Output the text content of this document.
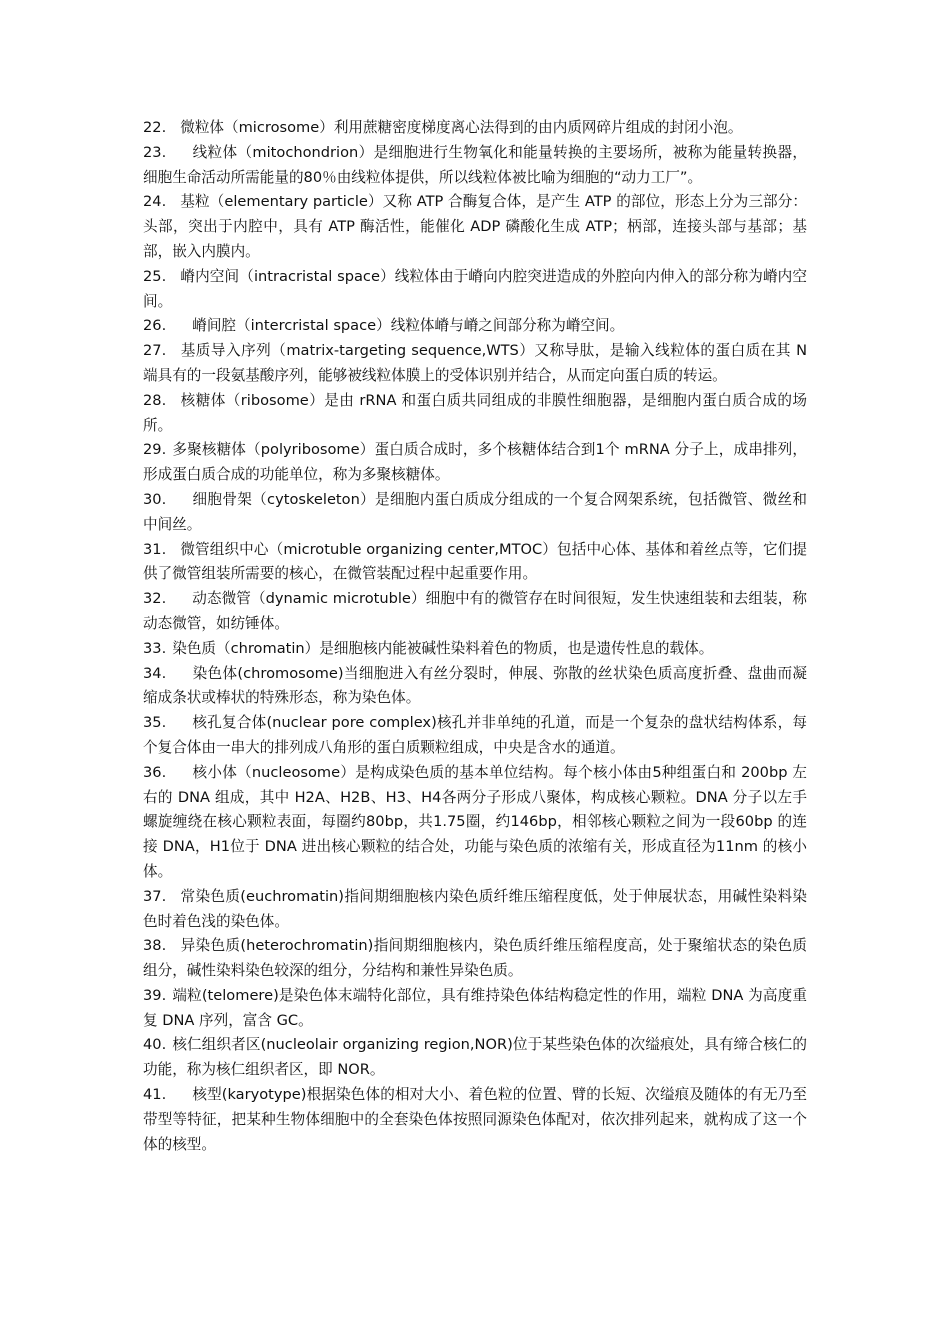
22. 微粒体（microsome）利用蔗糖密度梯度离心法得到的由内质网碎片组成的封闭小泡。

23. 线粒体（mitochondrion）是细胞进行生物氧化和能量转换的主要场所，被称为能量转换器，细胞生命活动所需能量的80％由线粒体提供，所以线粒体被比喻为细胞的“动力工厂”。

24. 基粒（elementary particle）又称 ATP 合酶复合体，是产生 ATP 的部位，形态上分为三部分：头部，突出于内腔中，具有 ATP 酶活性，能催化 ADP 磷酸化生成 ATP；柄部，连接头部与基部；基部，嵌入内膜内。

25. 嵴内空间（intracristal space）线粒体由于嵴向内腔突进造成的外腔向内伸入的部分称为嵴内空间。

26. 嵴间腔（intercristal space）线粒体嵴与嵴之间部分称为嵴空间。

27. 基质导入序列（matrix-targeting sequence,WTS）又称导肽，是输入线粒体的蛋白质在其 N 端具有的一段氨基酸序列，能够被线粒体膜上的受体识别并结合，从而定向蛋白质的转运。

28. 核糖体（ribosome）是由 rRNA 和蛋白质共同组成的非膜性细胞器，是细胞内蛋白质合成的场所。

29. 多聚核糖体（polyribosome）蛋白质合成时，多个核糖体结合到1个 mRNA 分子上，成串排列，形成蛋白质合成的功能单位，称为多聚核糖体。

30. 细胞骨架（cytoskeleton）是细胞内蛋白质成分组成的一个复合网架系统，包括微管、微丝和中间丝。

31. 微管组织中心（microtuble organizing center,MTOC）包括中心体、基体和着丝点等，它们提供了微管组装所需要的核心，在微管装配过程中起重要作用。

32. 动态微管（dynamic microtuble）细胞中有的微管存在时间很短，发生快速组装和去组装，称动态微管，如纺锤体。

33. 染色质（chromatin）是细胞核内能被碱性染料着色的物质，也是遗传性息的载体。

34. 染色体(chromosome)当细胞进入有丝分裂时，伸展、弥散的丝状染色质高度折叠、盘曲而凝缩成条状或棒状的特殊形态，称为染色体。

35. 核孔复合体(nuclear pore complex)核孔并非单纯的孔道，而是一个复杂的盘状结构体系，每个复合体由一串大的排列成八角形的蛋白质颗粒组成，中央是含水的通道。

36. 核小体（nucleosome）是构成染色质的基本单位结构。每个核小体由5种组蛋白和 200bp 左右的 DNA 组成，其中 H2A、H2B、H3、H4各两分子形成八聚体，构成核心颗粒。DNA 分子以左手螺旋缠绕在核心颗粒表面，每圈约80bp，共1.75圈，约146bp，相邻核心颗粒之间为一段60bp 的连接 DNA，H1位于 DNA 进出核心颗粒的结合处，功能与染色质的浓缩有关，形成直径为11nm 的核小体。

37. 常染色质(euchromatin)指间期细胞核内染色质纤维压缩程度低，处于伸展状态，用碱性染料染色时着色浅的染色体。

38. 异染色质(heterochromatin)指间期细胞核内，染色质纤维压缩程度高，处于聚缩状态的染色质组分，碱性染料染色较深的组分，分结构和兼性异染色质。

39. 端粒(telomere)是染色体末端特化部位，具有维持染色体结构稳定性的作用，端粒 DNA 为高度重复 DNA 序列，富含 GC。

40. 核仁组织者区(nucleolair organizing region,NOR)位于某些染色体的次缢痕处，具有缔合核仁的功能，称为核仁组织者区，即 NOR。

41. 核型(karyotype)根据染色体的相对大小、着色粒的位置、臂的长短、次缢痕及随体的有无乃至带型等特征，把某种生物体细胞中的全套染色体按照同源染色体配对，依次排列起来，就构成了这一个体的核型。
